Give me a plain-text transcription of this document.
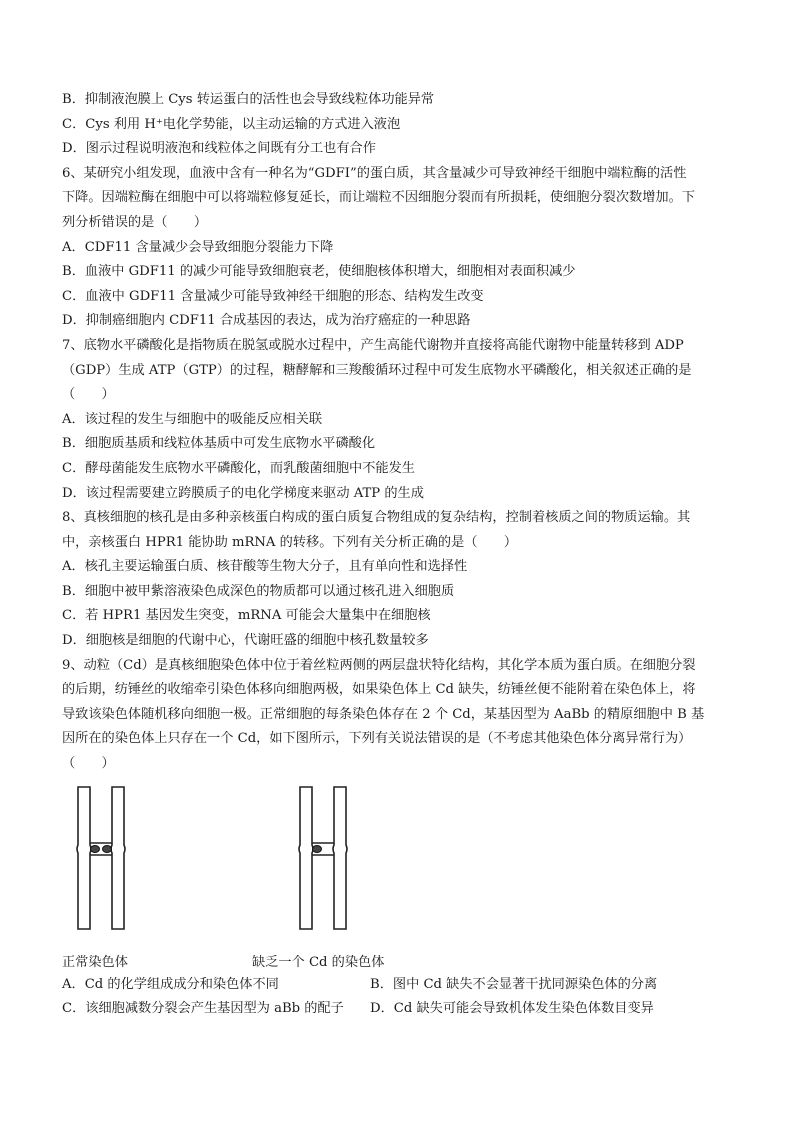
B．抑制液泡膜上 Cys 转运蛋白的活性也会导致线粒体功能异常

C．Cys 利用 H⁺电化学势能，以主动运输的方式进入液泡

D．图示过程说明液泡和线粒体之间既有分工也有合作

6、某研究小组发现，血液中含有一种名为“GDFI”的蛋白质，其含量减少可导致神经干细胞中端粒酶的活性

下降。因端粒酶在细胞中可以将端粒修复延长，而让端粒不因细胞分裂而有所损耗，使细胞分裂次数增加。下

列分析错误的是（　　）

A．CDF11 含量减少会导致细胞分裂能力下降

B．血液中 GDF11 的减少可能导致细胞衰老，使细胞核体积增大，细胞相对表面积减少

C．血液中 GDF11 含量减少可能导致神经干细胞的形态、结构发生改变

D．抑制癌细胞内 CDF11 合成基因的表达，成为治疗癌症的一种思路

7、底物水平磷酸化是指物质在脱氢或脱水过程中，产生高能代谢物并直接将高能代谢物中能量转移到 ADP

（GDP）生成 ATP（GTP）的过程，糖酵解和三羧酸循环过程中可发生底物水平磷酸化，相关叙述正确的是

（　　）

A．该过程的发生与细胞中的吸能反应相关联

B．细胞质基质和线粒体基质中可发生底物水平磷酸化

C．酵母菌能发生底物水平磷酸化，而乳酸菌细胞中不能发生

D．该过程需要建立跨膜质子的电化学梯度来驱动 ATP 的生成

8、真核细胞的核孔是由多种亲核蛋白构成的蛋白质复合物组成的复杂结构，控制着核质之间的物质运输。其

中，亲核蛋白 HPR1 能协助 mRNA 的转移。下列有关分析正确的是（　　）

A．核孔主要运输蛋白质、核苷酸等生物大分子，且有单向性和选择性

B．细胞中被甲紫溶液染色成深色的物质都可以通过核孔进入细胞质

C．若 HPR1 基因发生突变，mRNA 可能会大量集中在细胞核

D．细胞核是细胞的代谢中心，代谢旺盛的细胞中核孔数量较多

9、动粒（Cd）是真核细胞染色体中位于着丝粒两侧的两层盘状特化结构，其化学本质为蛋白质。在细胞分裂

的后期，纺锤丝的收缩牵引染色体移向细胞两极，如果染色体上 Cd 缺失，纺锤丝便不能附着在染色体上，将

导致该染色体随机移向细胞一极。正常细胞的每条染色体存在 2 个 Cd，某基因型为 AaBb 的精原细胞中 B 基

因所在的染色体上只存在一个 Cd，如下图所示，下列有关说法错误的是（不考虑其他染色体分离异常行为）

（　　）

正常染色体	缺乏一个 Cd 的染色体
A．Cd 的化学组成成分和染色体不同	B．图中 Cd 缺失不会显著干扰同源染色体的分离
C．该细胞减数分裂会产生基因型为 aBb 的配子	D．Cd 缺失可能会导致机体发生染色体数目变异
